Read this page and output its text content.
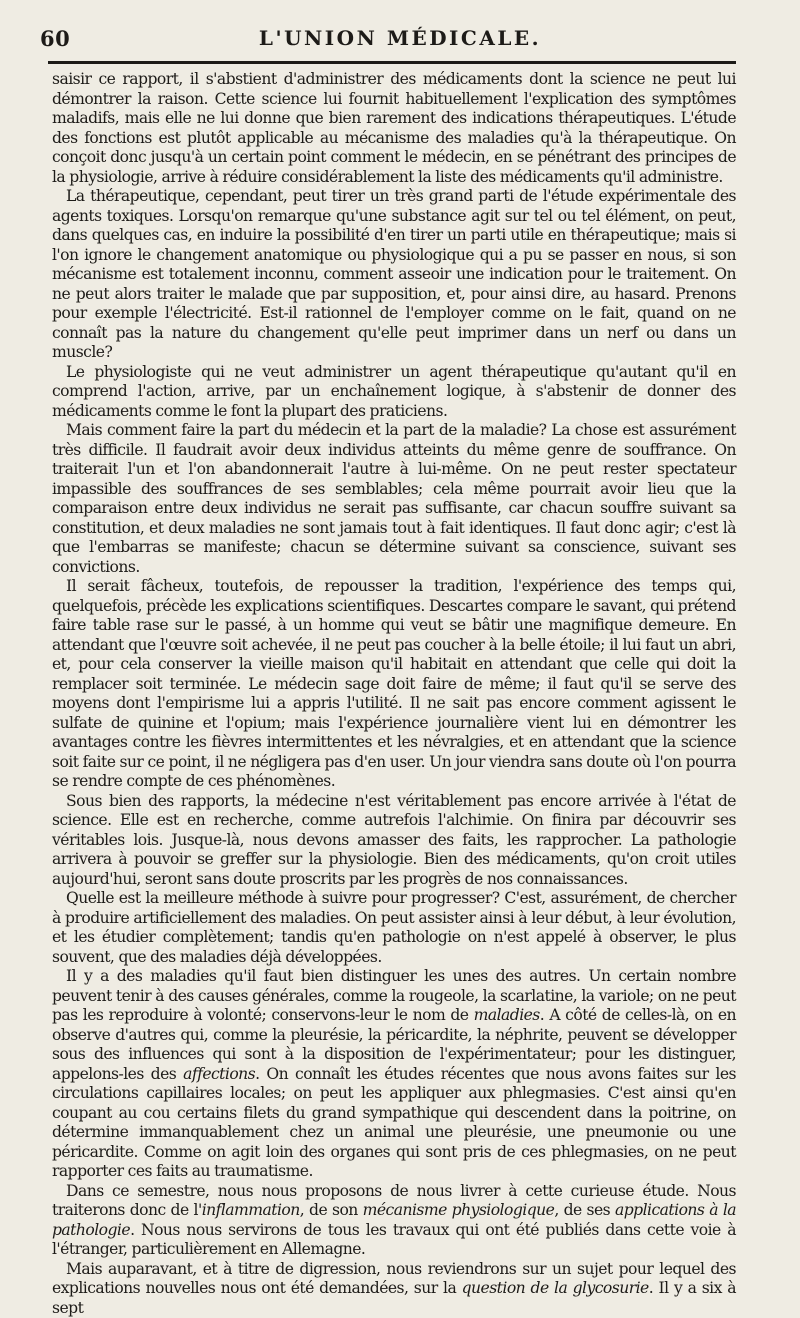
60	L'UNION MÉDICALE.

saisir ce rapport, il s'abstient d'administrer des médicaments dont la science ne peut lui démontrer la raison. Cette science lui fournit habituellement l'explication des symptômes maladifs, mais elle ne lui donne que bien rarement des indications thérapeutiques. L'étude des fonctions est plutôt applicable au mécanisme des maladies qu'à la thérapeutique. On conçoit donc jusqu'à un certain point comment le médecin, en se pénétrant des principes de la physiologie, arrive à réduire considérablement la liste des médicaments qu'il administre.

La thérapeutique, cependant, peut tirer un très grand parti de l'étude expérimentale des agents toxiques. Lorsqu'on remarque qu'une substance agit sur tel ou tel élément, on peut, dans quelques cas, en induire la possibilité d'en tirer un parti utile en thérapeutique; mais si l'on ignore le changement anatomique ou physiologique qui a pu se passer en nous, si son mécanisme est totalement inconnu, comment asseoir une indication pour le traitement. On ne peut alors traiter le malade que par supposition, et, pour ainsi dire, au hasard. Prenons pour exemple l'électricité. Est-il rationnel de l'employer comme on le fait, quand on ne connaît pas la nature du changement qu'elle peut imprimer dans un nerf ou dans un muscle?

Le physiologiste qui ne veut administrer un agent thérapeutique qu'autant qu'il en comprend l'action, arrive, par un enchaînement logique, à s'abstenir de donner des médicaments comme le font la plupart des praticiens.

Mais comment faire la part du médecin et la part de la maladie? La chose est assurément très difficile. Il faudrait avoir deux individus atteints du même genre de souffrance. On traiterait l'un et l'on abandonnerait l'autre à lui-même. On ne peut rester spectateur impassible des souffrances de ses semblables; cela même pourrait avoir lieu que la comparaison entre deux individus ne serait pas suffisante, car chacun souffre suivant sa constitution, et deux maladies ne sont jamais tout à fait identiques. Il faut donc agir; c'est là que l'embarras se manifeste; chacun se détermine suivant sa conscience, suivant ses convictions.

Il serait fâcheux, toutefois, de repousser la tradition, l'expérience des temps qui, quelquefois, précède les explications scientifiques. Descartes compare le savant, qui prétend faire table rase sur le passé, à un homme qui veut se bâtir une magnifique demeure. En attendant que l'œuvre soit achevée, il ne peut pas coucher à la belle étoile; il lui faut un abri, et, pour cela conserver la vieille maison qu'il habitait en attendant que celle qui doit la remplacer soit terminée. Le médecin sage doit faire de même; il faut qu'il se serve des moyens dont l'empirisme lui a appris l'utilité. Il ne sait pas encore comment agissent le sulfate de quinine et l'opium; mais l'expérience journalière vient lui en démontrer les avantages contre les fièvres intermittentes et les névralgies, et en attendant que la science soit faite sur ce point, il ne négligera pas d'en user. Un jour viendra sans doute où l'on pourra se rendre compte de ces phénomènes.

Sous bien des rapports, la médecine n'est véritablement pas encore arrivée à l'état de science. Elle est en recherche, comme autrefois l'alchimie. On finira par découvrir ses véritables lois. Jusque-là, nous devons amasser des faits, les rapprocher. La pathologie arrivera à pouvoir se greffer sur la physiologie. Bien des médicaments, qu'on croit utiles aujourd'hui, seront sans doute proscrits par les progrès de nos connaissances.

Quelle est la meilleure méthode à suivre pour progresser? C'est, assurément, de chercher à produire artificiellement des maladies. On peut assister ainsi à leur début, à leur évolution, et les étudier complètement; tandis qu'en pathologie on n'est appelé à observer, le plus souvent, que des maladies déjà développées.

Il y a des maladies qu'il faut bien distinguer les unes des autres. Un certain nombre peuvent tenir à des causes générales, comme la rougeole, la scarlatine, la variole; on ne peut pas les reproduire à volonté; conservons-leur le nom de maladies. A côté de celles-là, on en observe d'autres qui, comme la pleurésie, la péricardite, la néphrite, peuvent se développer sous des influences qui sont à la disposition de l'expérimentateur; pour les distinguer, appelons-les des affections. On connaît les études récentes que nous avons faites sur les circulations capillaires locales; on peut les appliquer aux phlegmasies. C'est ainsi qu'en coupant au cou certains filets du grand sympathique qui descendent dans la poitrine, on détermine immanquablement chez un animal une pleurésie, une pneumonie ou une péricardite. Comme on agit loin des organes qui sont pris de ces phlegmasies, on ne peut rapporter ces faits au traumatisme.

Dans ce semestre, nous nous proposons de nous livrer à cette curieuse étude. Nous traiterons donc de l'inflammation, de son mécanisme physiologique, de ses applications à la pathologie. Nous nous servirons de tous les travaux qui ont été publiés dans cette voie à l'étranger, particulièrement en Allemagne.

Mais auparavant, et à titre de digression, nous reviendrons sur un sujet pour lequel des explications nouvelles nous ont été demandées, sur la question de la glycosurie. Il y a six à sept
